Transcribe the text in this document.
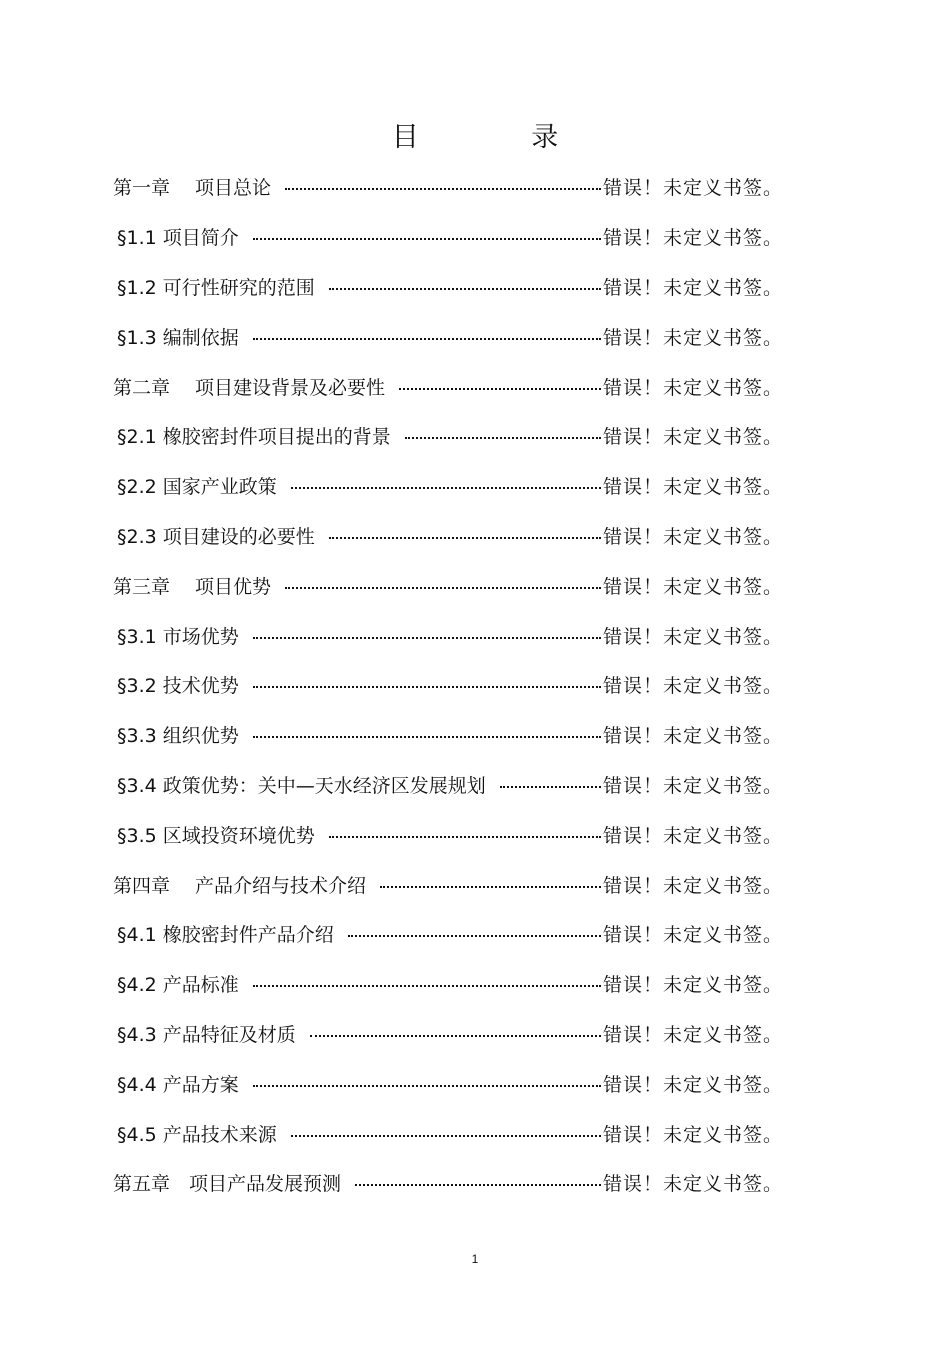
目 录
第一章　 项目总论	错误！未定义书签。
§1.1 项目简介	错误！未定义书签。
§1.2 可行性研究的范围	错误！未定义书签。
§1.3 编制依据	错误！未定义书签。
第二章　 项目建设背景及必要性	错误！未定义书签。
§2.1 橡胶密封件项目提出的背景	错误！未定义书签。
§2.2 国家产业政策	错误！未定义书签。
§2.3 项目建设的必要性	错误！未定义书签。
第三章　 项目优势	错误！未定义书签。
§3.1 市场优势	错误！未定义书签。
§3.2 技术优势	错误！未定义书签。
§3.3 组织优势	错误！未定义书签。
§3.4 政策优势：关中—天水经济区发展规划	错误！未定义书签。
§3.5 区域投资环境优势	错误！未定义书签。
第四章　 产品介绍与技术介绍	错误！未定义书签。
§4.1 橡胶密封件产品介绍	错误！未定义书签。
§4.2 产品标准	错误！未定义书签。
§4.3 产品特征及材质	错误！未定义书签。
§4.4 产品方案	错误！未定义书签。
§4.5 产品技术来源	错误！未定义书签。
第五章　项目产品发展预测	错误！未定义书签。
1
